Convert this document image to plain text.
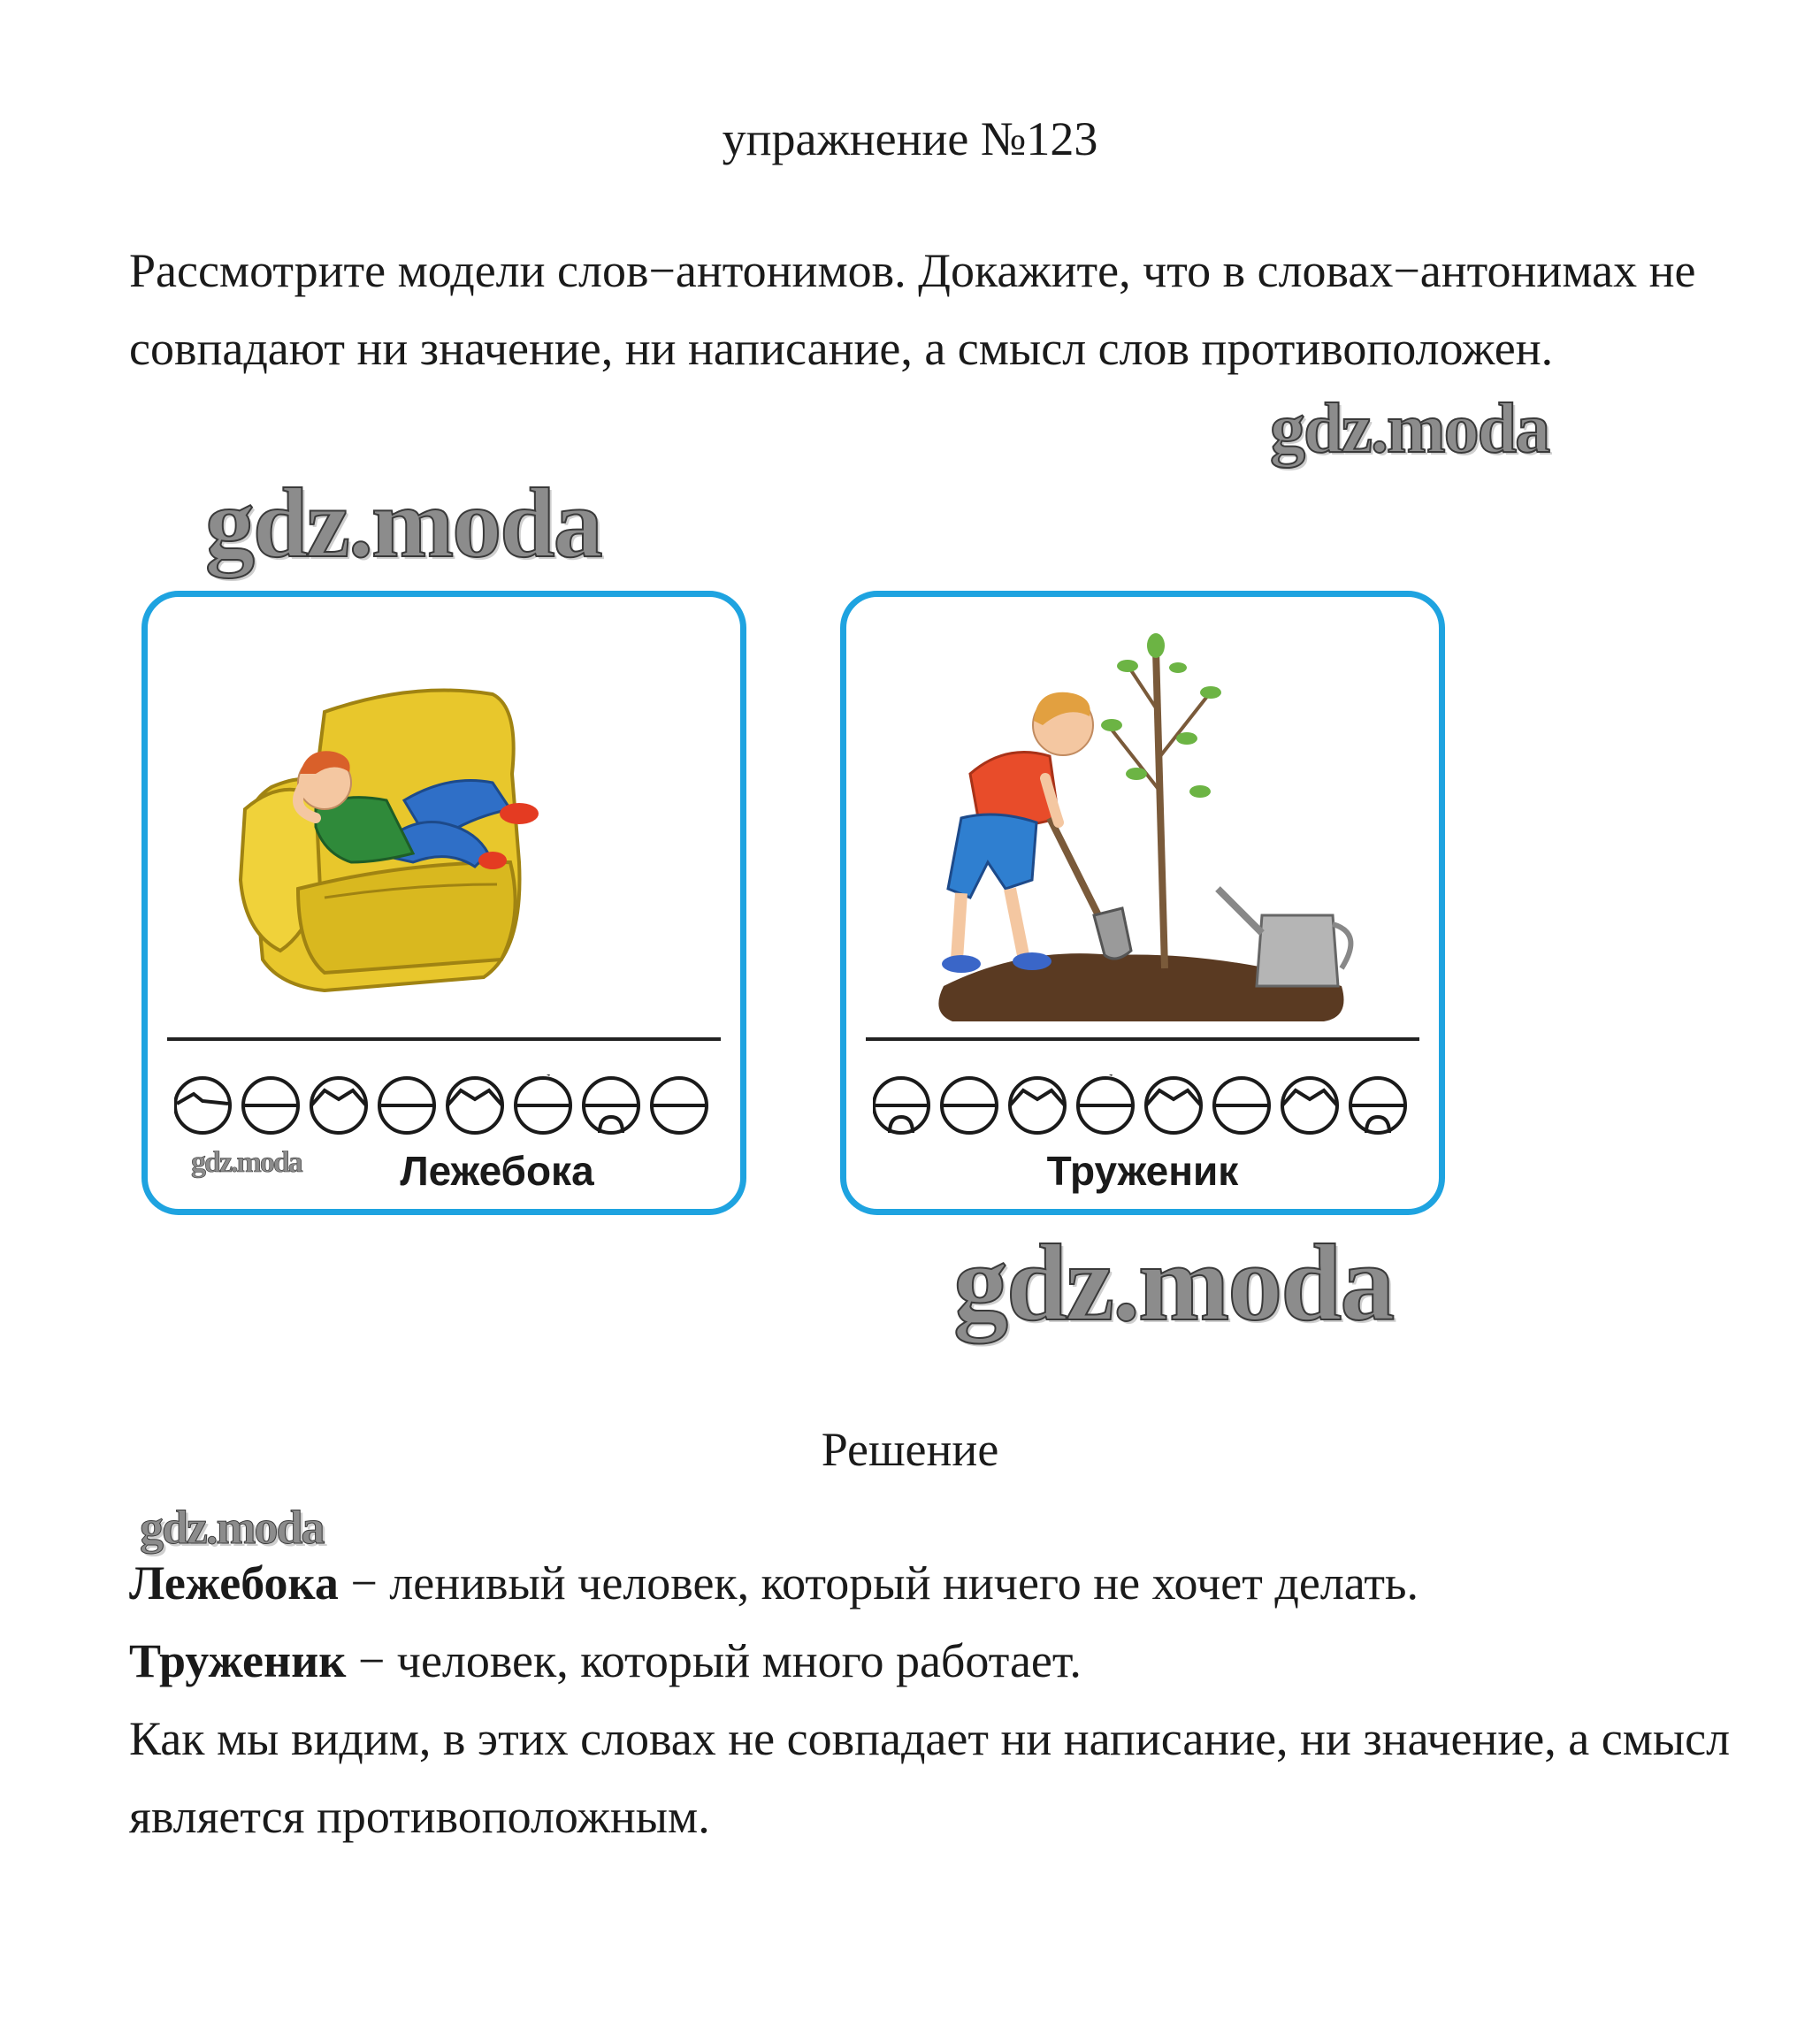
упражнение №123
Рассмотрите модели слов−антонимов. Докажите, что в словах−антонимах не совпадают ни значение, ни написание, а смысл слов противоположен.
gdz.moda
gdz.moda
Лежебока	Труженик
gdz.moda
gdz.moda
Решение
gdz.moda

Лежебока − ленивый человек, который ничего не хочет делать.

Труженик − человек, который много работает.

Как мы видим, в этих словах не совпадает ни написание, ни значение, а смысл является противоположным.
